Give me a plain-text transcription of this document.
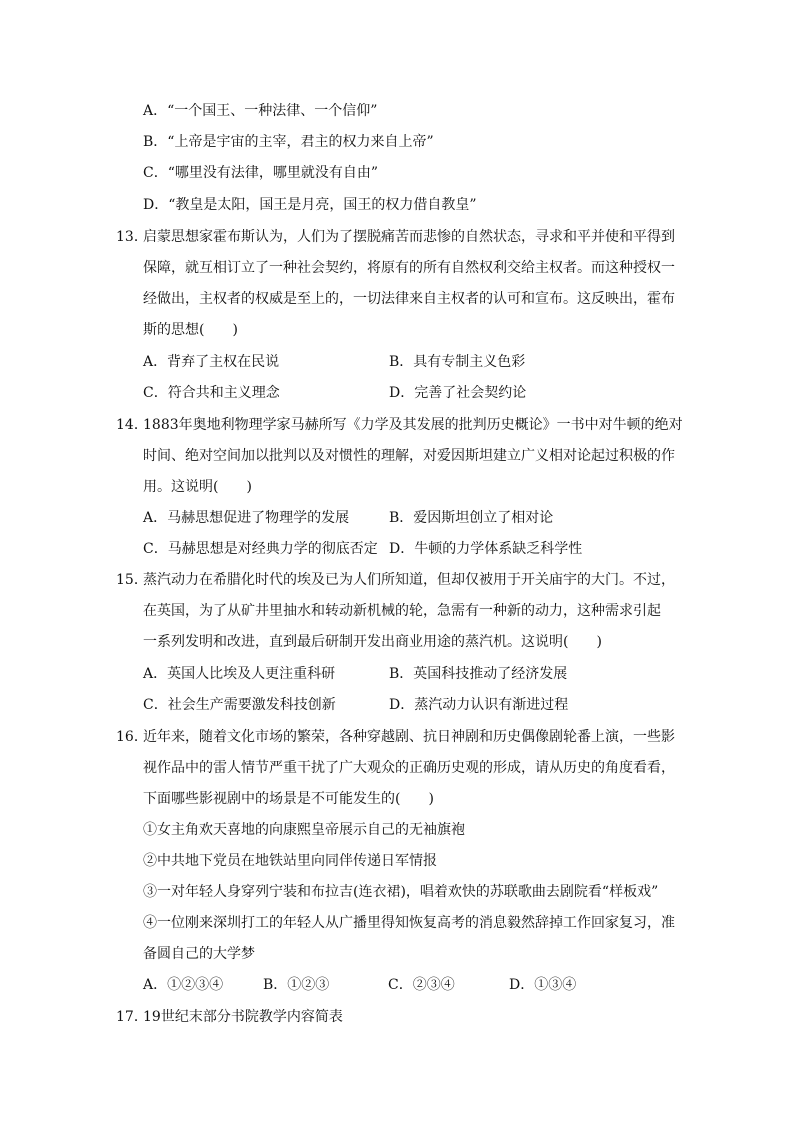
A．“一个国王、一种法律、一个信仰”
B．“上帝是宇宙的主宰，君主的权力来自上帝”
C．“哪里没有法律，哪里就没有自由”
D．“教皇是太阳，国王是月亮，国王的权力借自教皇”
13．
启蒙思想家霍布斯认为，人们为了摆脱痛苦而悲惨的自然状态，寻求和平并使和平得到
保障，就互相订立了一种社会契约，将原有的所有自然权利交给主权者。而这种授权一
经做出，主权者的权威是至上的，一切法律来自主权者的认可和宣布。这反映出，霍布
斯的思想(　　)
A．背弃了主权在民说	B．具有专制主义色彩
C．符合共和主义理念	D．完善了社会契约论
14．
1883年奥地利物理学家马赫所写《力学及其发展的批判历史概论》一书中对牛顿的绝对
时间、绝对空间加以批判以及对惯性的理解，对爱因斯坦建立广义相对论起过积极的作
用。这说明(　　)
A．马赫思想促进了物理学的发展	B．爱因斯坦创立了相对论
C．马赫思想是对经典力学的彻底否定 D．牛顿的力学体系缺乏科学性
15．
蒸汽动力在希腊化时代的埃及已为人们所知道，但却仅被用于开关庙宇的大门。不过，
在英国，为了从矿井里抽水和转动新机械的轮，急需有一种新的动力，这种需求引起
一系列发明和改进，直到最后研制开发出商业用途的蒸汽机。这说明(　　)
A．英国人比埃及人更注重科研	B．英国科技推动了经济发展
C．社会生产需要激发科技创新	D．蒸汽动力认识有渐进过程
16．
近年来，随着文化市场的繁荣，各种穿越剧、抗日神剧和历史偶像剧轮番上演，一些影
视作品中的雷人情节严重干扰了广大观众的正确历史观的形成，请从历史的角度看看，
下面哪些影视剧中的场景是不可能发生的(　　)
①女主角欢天喜地的向康熙皇帝展示自己的无袖旗袍
②中共地下党员在地铁站里向同伴传递日军情报
③一对年轻人身穿列宁装和布拉吉(连衣裙)，唱着欢快的苏联歌曲去剧院看“样板戏”
④一位刚来深圳打工的年轻人从广播里得知恢复高考的消息毅然辞掉工作回家复习，准
备圆自己的大学梦
A．①②③④	B．①②③	C．②③④	D．①③④
17．
19世纪末部分书院教学内容简表
